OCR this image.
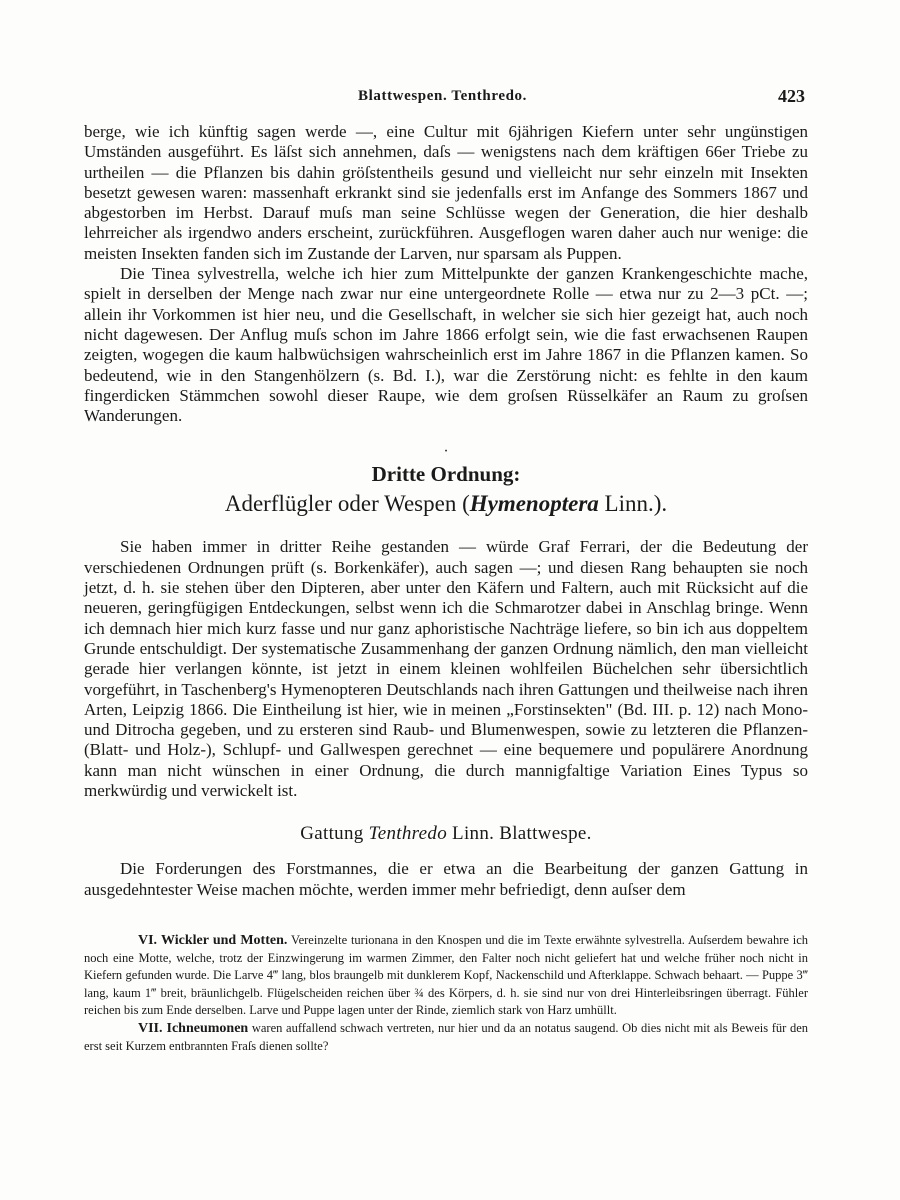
Blattwespen. Tenthredo.	423

berge, wie ich künftig sagen werde —, eine Cultur mit 6jährigen Kiefern unter sehr ungünstigen Umständen ausgeführt. Es läſst sich annehmen, daſs — wenigstens nach dem kräftigen 66er Triebe zu urtheilen — die Pflanzen bis dahin gröſstentheils gesund und vielleicht nur sehr einzeln mit Insekten besetzt gewesen waren: massenhaft erkrankt sind sie jedenfalls erst im Anfange des Sommers 1867 und abgestorben im Herbst. Darauf muſs man seine Schlüsse wegen der Generation, die hier deshalb lehrreicher als irgendwo anders erscheint, zurückführen. Ausgeflogen waren daher auch nur wenige: die meisten Insekten fanden sich im Zustande der Larven, nur sparsam als Puppen.

Die Tinea sylvestrella, welche ich hier zum Mittelpunkte der ganzen Krankengeschichte mache, spielt in derselben der Menge nach zwar nur eine untergeordnete Rolle — etwa nur zu 2—3 pCt. —; allein ihr Vorkommen ist hier neu, und die Gesellschaft, in welcher sie sich hier gezeigt hat, auch noch nicht dagewesen. Der Anflug muſs schon im Jahre 1866 erfolgt sein, wie die fast erwachsenen Raupen zeigten, wogegen die kaum halbwüchsigen wahrscheinlich erst im Jahre 1867 in die Pflanzen kamen. So bedeutend, wie in den Stangenhölzern (s. Bd. I.), war die Zerstörung nicht: es fehlte in den kaum fingerdicken Stämmchen sowohl dieser Raupe, wie dem groſsen Rüsselkäfer an Raum zu groſsen Wanderungen.

·
Dritte Ordnung:
Aderflügler oder Wespen (Hymenoptera Linn.).

Sie haben immer in dritter Reihe gestanden — würde Graf Ferrari, der die Bedeutung der verschiedenen Ordnungen prüft (s. Borkenkäfer), auch sagen —; und diesen Rang behaupten sie noch jetzt, d. h. sie stehen über den Dipteren, aber unter den Käfern und Faltern, auch mit Rücksicht auf die neueren, geringfügigen Entdeckungen, selbst wenn ich die Schmarotzer dabei in Anschlag bringe. Wenn ich demnach hier mich kurz fasse und nur ganz aphoristische Nachträge liefere, so bin ich aus doppeltem Grunde entschuldigt. Der systematische Zusammenhang der ganzen Ordnung nämlich, den man vielleicht gerade hier verlangen könnte, ist jetzt in einem kleinen wohlfeilen Büchelchen sehr übersichtlich vorgeführt, in Taschenberg's Hymenopteren Deutschlands nach ihren Gattungen und theilweise nach ihren Arten, Leipzig 1866. Die Eintheilung ist hier, wie in meinen „Forstinsekten" (Bd. III. p. 12) nach Mono- und Ditrocha gegeben, und zu ersteren sind Raub- und Blumenwespen, sowie zu letzteren die Pflanzen- (Blatt- und Holz-), Schlupf- und Gallwespen gerechnet — eine bequemere und populärere Anordnung kann man nicht wünschen in einer Ordnung, die durch mannigfaltige Variation Eines Typus so merkwürdig und verwickelt ist.

Gattung Tenthredo Linn. Blattwespe.

Die Forderungen des Forstmannes, die er etwa an die Bearbeitung der ganzen Gattung in ausgedehntester Weise machen möchte, werden immer mehr befriedigt, denn auſser dem

VI. Wickler und Motten. Vereinzelte turionana in den Knospen und die im Texte erwähnte sylvestrella. Auſserdem bewahre ich noch eine Motte, welche, trotz der Einzwingerung im warmen Zimmer, den Falter noch nicht geliefert hat und welche früher noch nicht in Kiefern gefunden wurde. Die Larve 4‴ lang, blos braungelb mit dunklerem Kopf, Nackenschild und Afterklappe. Schwach behaart. — Puppe 3‴ lang, kaum 1‴ breit, bräunlichgelb. Flügelscheiden reichen über ¾ des Körpers, d. h. sie sind nur von drei Hinterleibsringen überragt. Fühler reichen bis zum Ende derselben. Larve und Puppe lagen unter der Rinde, ziemlich stark von Harz umhüllt.

VII. Ichneumonen waren auffallend schwach vertreten, nur hier und da an notatus saugend. Ob dies nicht mit als Beweis für den erst seit Kurzem entbrannten Fraſs dienen sollte?
